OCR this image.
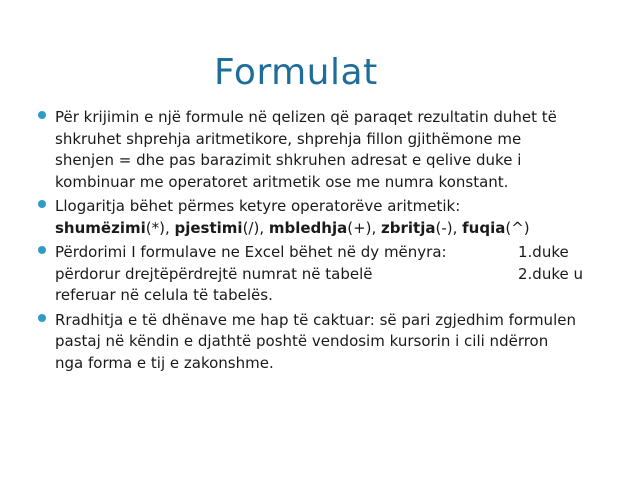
Formulat
Për krijimin e një formule në qelizen që paraqet rezultatin duhet të
shkruhet shprehja aritmetikore, shprehja fillon gjithëmone me
shenjen = dhe pas barazimit shkruhen adresat e qelive duke i
kombinuar me operatoret aritmetik ose me numra konstant.
Llogaritja bëhet përmes ketyre operatorëve aritmetik:
shumëzimi(*), pjestimi(/), mbledhja(+), zbritja(-), fuqia(^)
Përdorimi I formulave ne Excel bëhet në dy mënyra:	1.duke
përdorur drejtëpërdrejtë numrat në tabelë	2.duke u
referuar në celula të tabelës.
Rradhitja e të dhënave me hap të caktuar: së pari zgjedhim formulen
pastaj në këndin e djathtë poshtë vendosim kursorin i cili ndërron
nga forma e tij e zakonshme.
